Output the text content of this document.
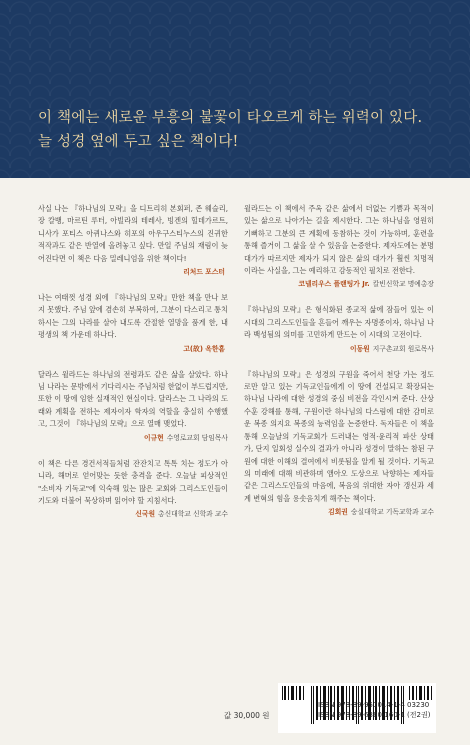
이 책에는 새로운 부흥의 불꽃이 타오르게 하는 위력이 있다.
늘 성경 옆에 두고 싶은 책이다!

사실 나는 『하나님의 모략』을 디트리히 본회퍼, 존 웨슬리, 장 칼뱅, 마르틴 루터, 아빌라의 테레사, 빙겐의 힐데가르트, 니사가 포티스 아퀴나스와 히포의 아우구스티누스의 진귀한 적작과도 같은 반열에 올려놓고 싶다. 만일 주님의 재림이 늦어진다면 이 책은 다음 밀레니엄을 위한 책이다!

리처드 포스터

나는 여태껏 성경 외에 『하나님의 모략』만한 책을 만나 보지 못했다. 주님 앞에 겸손히 부복하여, 그분이 다스리고 통치하시는 그의 나라를 살아 내도록 간절한 열망을 품게 한, 내 평생의 책 가운데 하나다.

고(故) 옥한흠

달라스 윌라드는 하나님의 전령과도 같은 삶을 살았다. 하나님 나라는 문밖에서 기다리시는 주님처럼 한없이 부드럽지만, 또한 이 땅에 임한 실재적인 현실이다. 달라스는 그 나라의 도래와 계획을 전하는 제자이자 학자의 역할을 충실히 수행했고, 그것이 『하나님의 모략』으로 열매 맺었다.

이규현 수영로교회 담임목사

이 책은 다른 경건서적들처럼 잔잔치고 톡톡 치는 정도가 아니라, 해머로 얻어맞는 듯한 충격을 준다. 오늘날 피상적인 "소비자 기독교"에 익숙해 있는 많은 교회와 그리스도인들이 기도와 더불어 묵상하며 읽어야 할 지침서다.

신국원 총신대학교 신학과 교수

윌라드는 이 책에서 주옥 같은 삶에서 더없는 기쁨과 목적이 있는 삶으로 나아가는 길을 제시한다. 그는 하나님을 영원히 기뻐하고 그분의 큰 계획에 동참하는 것이 가능하며, 훈련을 통해 즐거이 그 삶을 살 수 있음을 논증한다. 제자도에는 분명 대가가 따르지만 제자가 되지 않은 삶의 대가가 훨씬 치명적이라는 사실을, 그는 예리하고 감동적인 필치로 전한다.

코넬리우스 플랜팅가 Jr. 칼빈신학교 명예총장

『하나님의 모략』은 형식화된 종교적 삶에 잠들어 있는 이 시대의 그리스도인들을 흔들어 깨우는 자명종이자, 하나님 나라 백성됨의 의미를 고민하게 만드는 이 시대의 고전이다.

이동원 지구촌교회 원로목사

『하나님의 모략』은 성경의 구원을 죽어서 천당 가는 정도로만 알고 있는 기독교인들에게 이 땅에 건설되고 확장되는 하나님 나라에 대한 성경의 중심 비전을 각인시켜 준다. 산상수훈 강해를 통해, 구원이란 하나님의 다스림에 대한 감미로운 복종 의지요 복종의 능력임을 논증한다. 독자들은 이 책을 통해 오늘날의 기독교회가 드러내는 영적·윤리적 파산 상태가, 단지 일회성 실수의 결과가 아니라 성경이 말하는 참된 구원에 대한 이해의 결여에서 비롯됨을 알게 될 것이다. 기독교의 미래에 대해 비관하며 앰아오 도상으로 낙향하는 제자들 같은 그리스도인들의 마음에, 복음의 위대한 자아 갱신과 세계 변혁의 힘을 용솟음치게 해주는 책이다.

김회권 숭실대학교 기독교학과 교수

값 30,000 원
ISBN 978-89-951014-1-4 03230
ISBN 978-89-6360-160-1 (전2권)
